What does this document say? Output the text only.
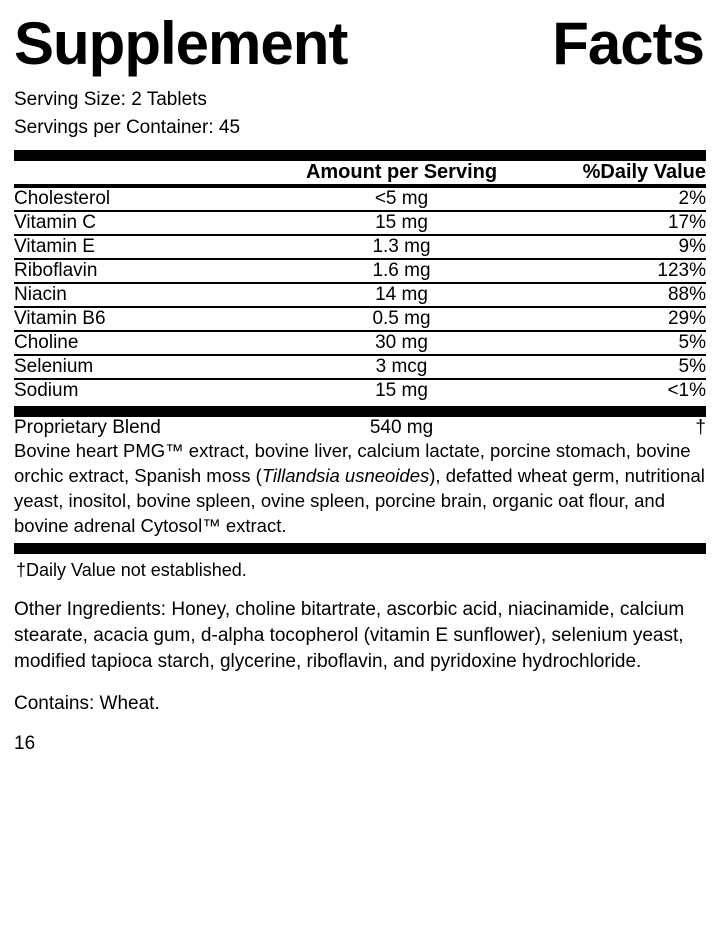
Supplement	Facts
Serving Size: 2 Tablets
Servings per Container: 45
	Amount per Serving	%Daily Value
Cholesterol	<5 mg	2%
Vitamin C	15 mg	17%
Vitamin E	1.3 mg	9%
Riboflavin	1.6 mg	123%
Niacin	14 mg	88%
Vitamin B6	0.5 mg	29%
Choline	30 mg	5%
Selenium	3 mcg	5%
Sodium	15 mg	<1%
Proprietary Blend	540 mg	†
Bovine heart PMG™ extract, bovine liver, calcium lactate, porcine stomach, bovine orchic extract, Spanish moss (Tillandsia usneoides), defatted wheat germ, nutritional yeast, inositol, bovine spleen, ovine spleen, porcine brain, organic oat flour, and bovine adrenal Cytosol™ extract.
†Daily Value not established.
Other Ingredients: Honey, choline bitartrate, ascorbic acid, niacinamide, calcium stearate, acacia gum, d-alpha tocopherol (vitamin E sunflower), selenium yeast, modified tapioca starch, glycerine, riboflavin, and pyridoxine hydrochloride.
Contains: Wheat.
16
